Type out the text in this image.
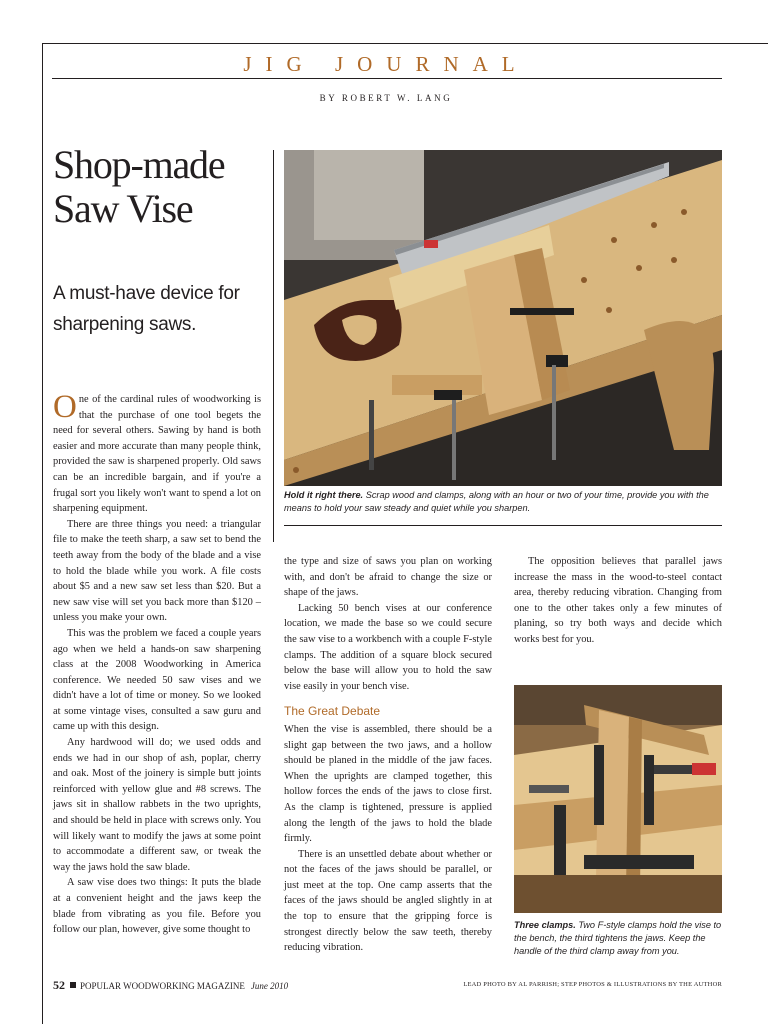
JIG JOURNAL
BY ROBERT W. LANG
Shop-made Saw Vise

A must-have device for sharpening saws.

Hold it right there. Scrap wood and clamps, along with an hour or two of your time, provide you with the means to hold your saw steady and quiet while you sharpen.

One of the cardinal rules of woodworking is that the purchase of one tool begets the need for several others. Sawing by hand is both easier and more accurate than many people think, provided the saw is sharpened properly. Old saws can be an incredible bargain, and if you're a frugal sort you likely won't want to spend a lot on sharpening equipment.

There are three things you need: a triangular file to make the teeth sharp, a saw set to bend the teeth away from the body of the blade and a vise to hold the blade while you work. A file costs about $5 and a new saw set less than $20. But a new saw vise will set you back more than $120 – unless you make your own.

This was the problem we faced a couple years ago when we held a hands-on saw sharpening class at the 2008 Woodworking in America conference. We needed 50 saw vises and we didn't have a lot of time or money. So we looked at some vintage vises, consulted a saw guru and came up with this design.

Any hardwood will do; we used odds and ends we had in our shop of ash, poplar, cherry and oak. Most of the joinery is simple butt joints reinforced with yellow glue and #8 screws. The jaws sit in shallow rabbets in the two uprights, and should be held in place with screws only. You will likely want to modify the jaws at some point to accommodate a different saw, or tweak the way the jaws hold the saw blade.

A saw vise does two things: It puts the blade at a convenient height and the jaws keep the blade from vibrating as you file. Before you follow our plan, however, give some thought to

the type and size of saws you plan on working with, and don't be afraid to change the size or shape of the jaws.

Lacking 50 bench vises at our conference location, we made the base so we could secure the saw vise to a workbench with a couple F-style clamps. The addition of a square block secured below the base will allow you to hold the saw vise easily in your bench vise.

The Great Debate

When the vise is assembled, there should be a slight gap between the two jaws, and a hollow should be planed in the middle of the jaw faces. When the uprights are clamped together, this hollow forces the ends of the jaws to close first. As the clamp is tightened, pressure is applied along the length of the jaws to hold the blade firmly.

There is an unsettled debate about whether or not the faces of the jaws should be parallel, or just meet at the top. One camp asserts that the faces of the jaws should be angled slightly in at the top to ensure that the gripping force is strongest directly below the saw teeth, thereby reducing vibration.

The opposition believes that parallel jaws increase the mass in the wood-to-steel contact area, thereby reducing vibration. Changing from one to the other takes only a few minutes of planing, so try both ways and decide which works best for you.

Three clamps. Two F-style clamps hold the vise to the bench, the third tightens the jaws. Keep the handle of the third clamp away from you.
52 POPULAR WOODWORKING MAGAZINE June 2010	LEAD PHOTO BY AL PARRISH; STEP PHOTOS & ILLUSTRATIONS BY THE AUTHOR
